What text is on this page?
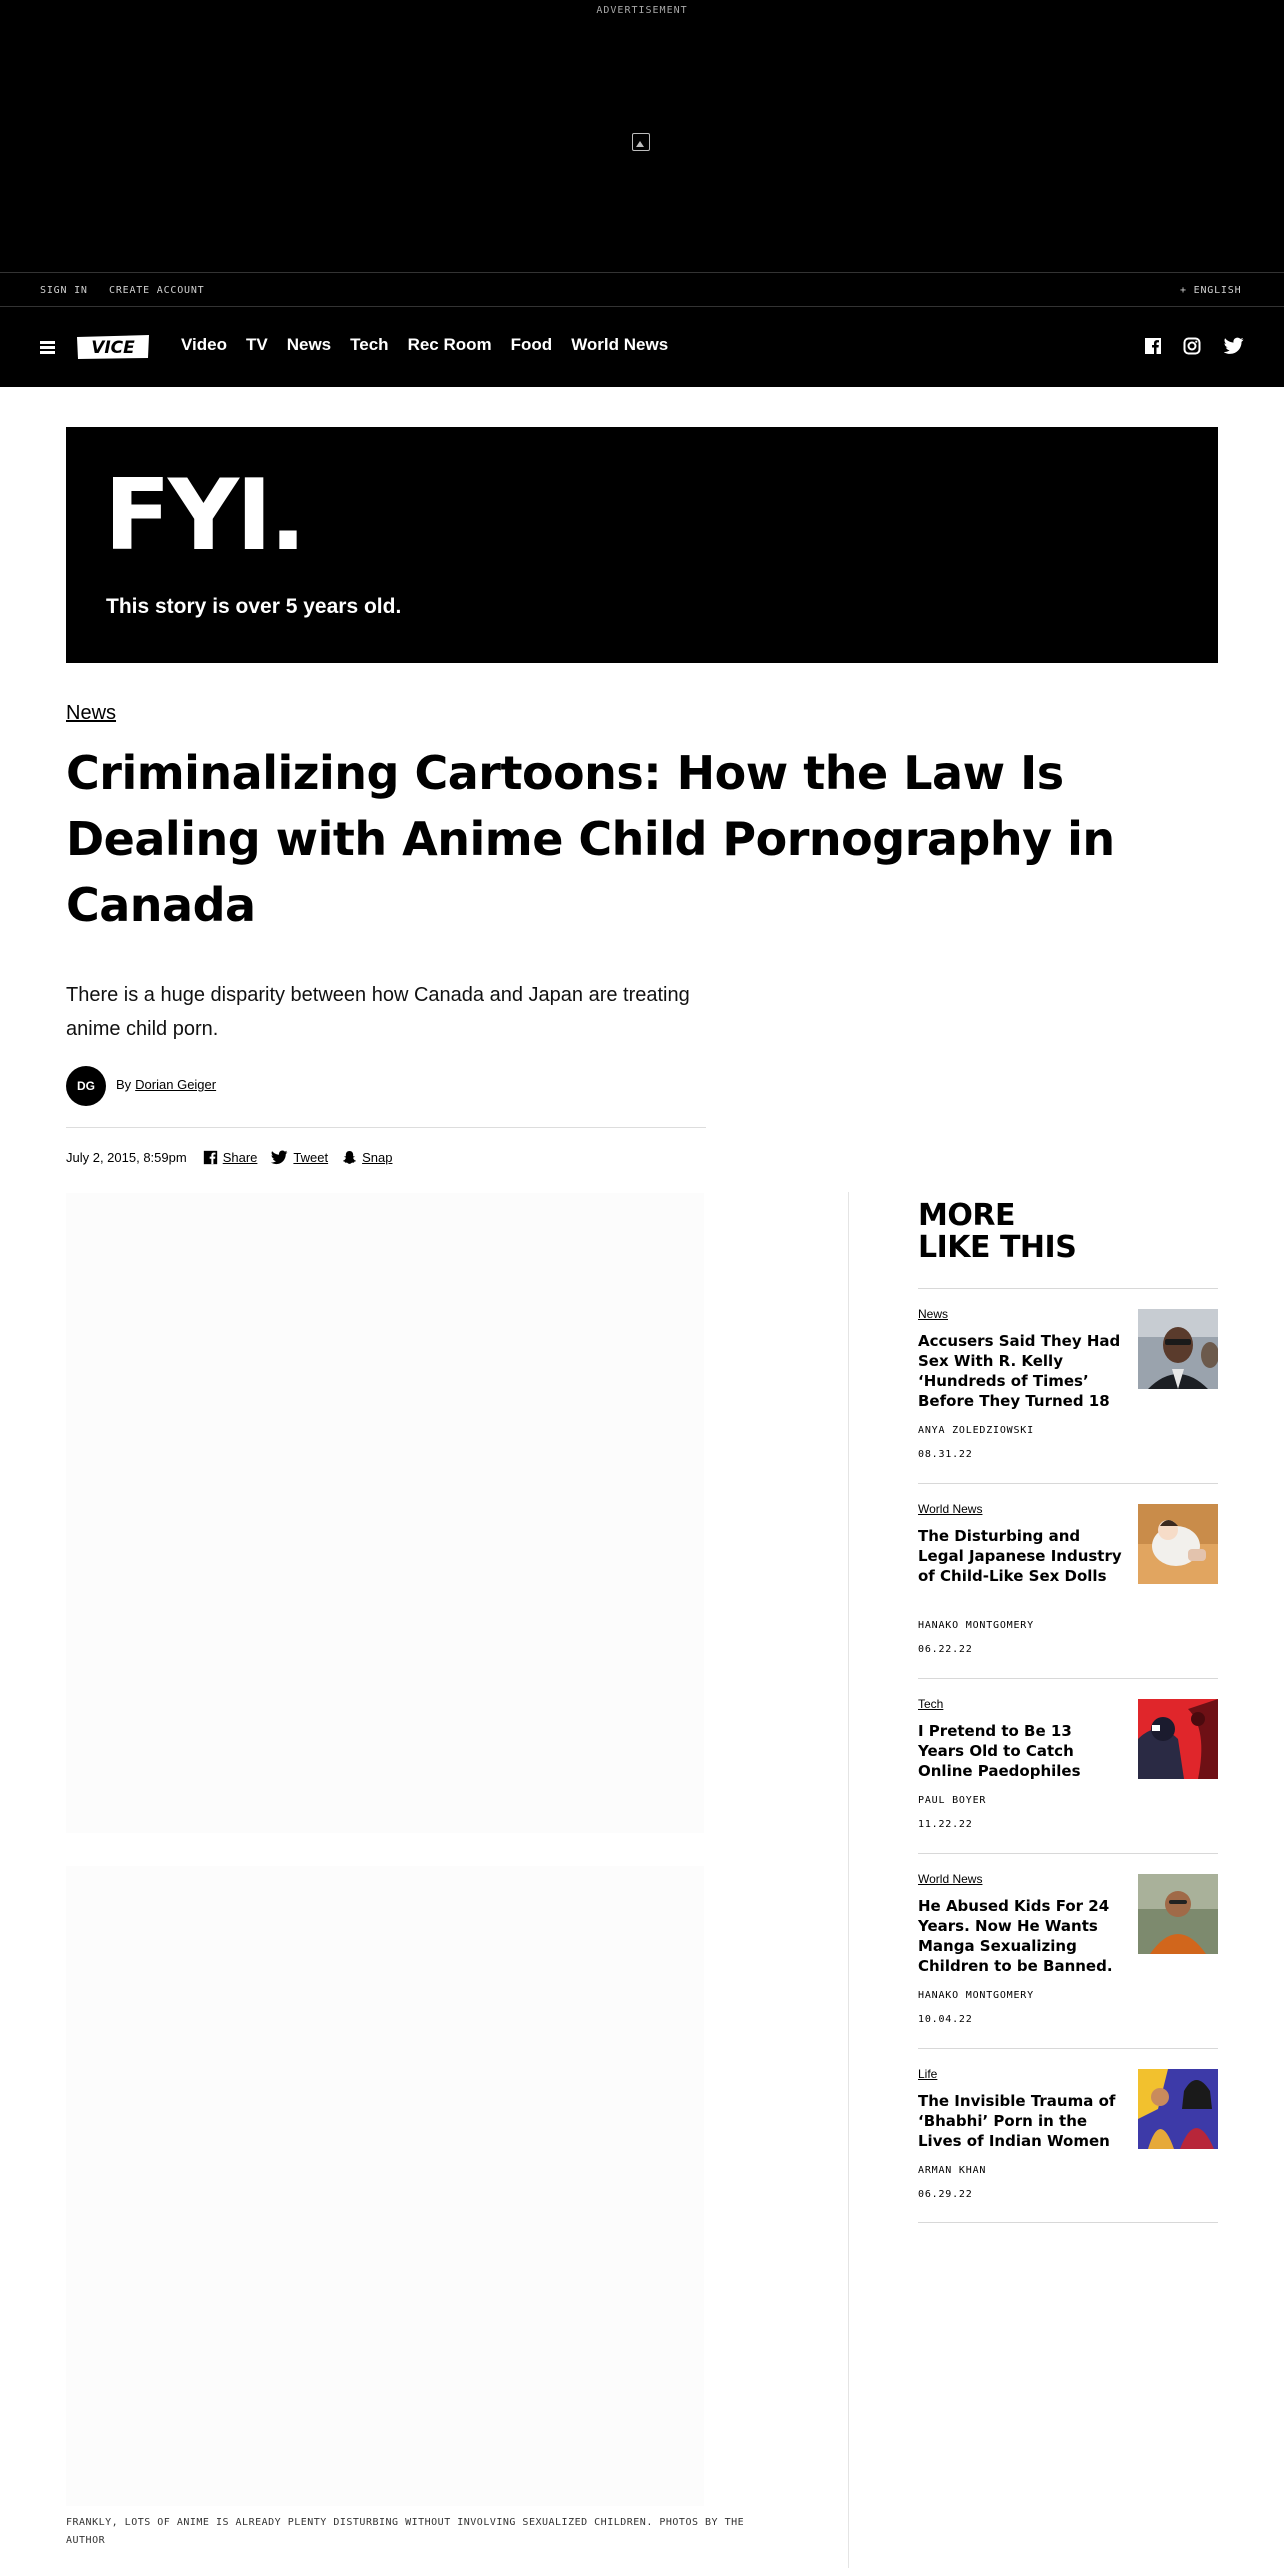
ADVERTISEMENT
SIGN IN CREATE ACCOUNT	+ ENGLISH
VICE	Video TV News Tech Rec Room Food World News
FYI.
This story is over 5 years old.
News
Criminalizing Cartoons: How the Law Is Dealing with Anime Child Pornography in Canada

There is a huge disparity between how Canada and Japan are treating anime child porn.

DG	By Dorian Geiger
July 2, 2015, 8:59pm	Share	Tweet	Snap
FRANKLY, LOTS OF ANIME IS ALREADY PLENTY DISTURBING WITHOUT INVOLVING SEXUALIZED CHILDREN. PHOTOS BY THE AUTHOR
MORE
LIKE THIS
News
Accusers Said They Had Sex With R. Kelly ‘Hundreds of Times’ Before They Turned 18
ANYA ZOLEDZIOWSKI
08.31.22
World News
The Disturbing and Legal Japanese Industry of Child-Like Sex Dolls
HANAKO MONTGOMERY
06.22.22
Tech
I Pretend to Be 13 Years Old to Catch Online Paedophiles
PAUL BOYER
11.22.22
World News
He Abused Kids For 24 Years. Now He Wants Manga Sexualizing Children to be Banned.
HANAKO MONTGOMERY
10.04.22
Life
The Invisible Trauma of ‘Bhabhi’ Porn in the Lives of Indian Women
ARMAN KHAN
06.29.22
